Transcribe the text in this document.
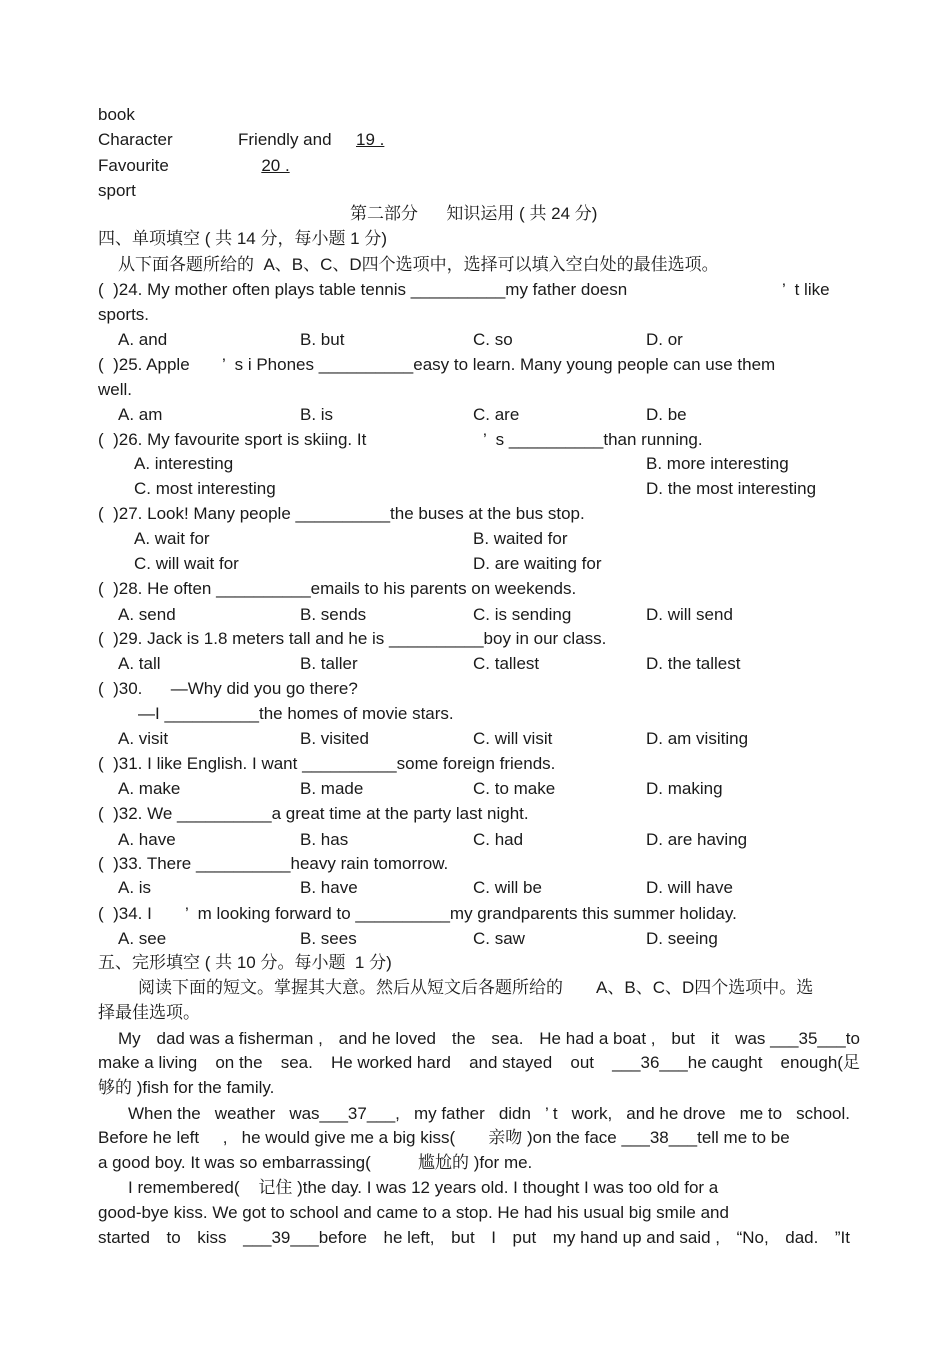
book
Character	Friendly and 19 .
Favourite	20 .
sport
第二部分      知识运用 ( 共 24 分)
四、单项填空 ( 共 14 分，每小题 1 分)
从下面各题所给的  A、B、C、D四个选项中，选择可以填入空白处的最佳选项。
(  )24. My mother often plays table tennis __________my father doesn	’  t like
sports.
A. and	B. but	C. so	D. or
(  )25. Apple ’  s i Phones __________easy to learn. Many young people can use them
well.
A. am	B. is	C. are	D. be
(  )26. My favourite sport is skiing. It	’  s __________than running.
A. interesting	B. more interesting
C. most interesting	D. the most interesting
(  )27. Look! Many people __________the buses at the bus stop.
A. wait for	B. waited for
C. will wait for	D. are waiting for
(  )28. He often __________emails to his parents on weekends.
A. send	B. sends	C. is sending	D. will send
(  )29. Jack is 1.8 meters tall and he is __________boy in our class.
A. tall	B. taller	C. tallest	D. the tallest
(  )30.      —Why did you go there?
—I __________the homes of movie stars.
A. visit	B. visited	C. will visit	D. am visiting
(  )31. I like English. I want __________some foreign friends.
A. make	B. made	C. to make	D. making
(  )32. We __________a great time at the party last night.
A. have	B. has	C. had	D. are having
(  )33. There __________heavy rain tomorrow.
A. is	B. have	C. will be	D. will have
(  )34. I ’  m looking forward to __________my grandparents this summer holiday.
A. see	B. sees	C. saw	D. seeing
五、完形填空 ( 共 10 分。每小题  1 分)
阅读下面的短文。掌握其大意。然后从短文后各题所给的       A、B、C、D四个选项中。选
择最佳选项。
My dad was a fisherman , and he loved the sea. He had a boat , but it was ___35___to
make a living on the sea. He worked hard and stayed out ___36___he caught enough(足
够的 )fish for the family.
When the weather was___37___, my father didn ’ t work, and he drove me to school.
Before he left     ,   he would give me a big kiss(       亲吻 )on the face ___38___tell me to be
a good boy. It was so embarrassing(          尴尬的 )for me.
I remembered(    记住 )the day. I was 12 years old. I thought I was too old for a
good-bye kiss. We got to school and came to a stop. He had his usual big smile and
started to kiss ___39___before he left, but I put my hand up and said , “No, dad. ”It
